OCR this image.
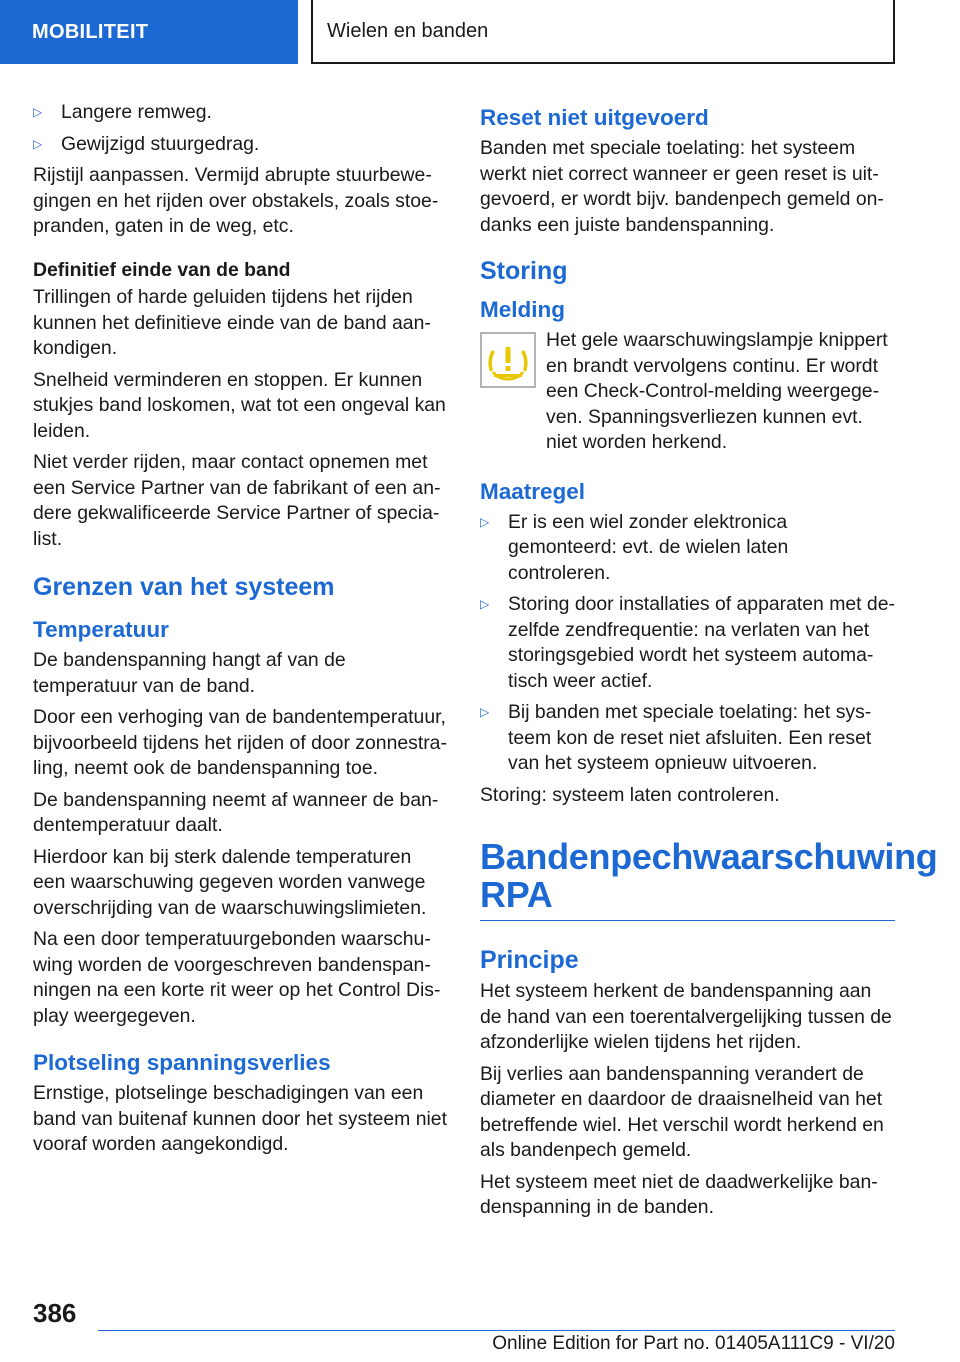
MOBILITEIT	Wielen en banden
▷ Langere remweg.
▷ Gewijzigd stuurgedrag.

Rijstijl aanpassen. Vermijd abrupte stuurbewegingen en het rijden over obstakels, zoals stoepranden, gaten in de weg, etc.

Definitief einde van de band

Trillingen of harde geluiden tijdens het rijden kunnen het definitieve einde van de band aankondigen.

Snelheid verminderen en stoppen. Er kunnen stukjes band loskomen, wat tot een ongeval kan leiden.

Niet verder rijden, maar contact opnemen met een Service Partner van de fabrikant of een andere gekwalificeerde Service Partner of specialist.

Grenzen van het systeem
Temperatuur

De bandenspanning hangt af van de temperatuur van de band.

Door een verhoging van de bandentemperatuur, bijvoorbeeld tijdens het rijden of door zonnestraling, neemt ook de bandenspanning toe.

De bandenspanning neemt af wanneer de bandentemperatuur daalt.

Hierdoor kan bij sterk dalende temperaturen een waarschuwing gegeven worden vanwege overschrijding van de waarschuwingslimieten.

Na een door temperatuurgebonden waarschuwing worden de voorgeschreven bandenspanningen na een korte rit weer op het Control Display weergegeven.

Plotseling spanningsverlies

Ernstige, plotselinge beschadigingen van een band van buitenaf kunnen door het systeem niet vooraf worden aangekondigd.

Reset niet uitgevoerd

Banden met speciale toelating: het systeem werkt niet correct wanneer er geen reset is uitgevoerd, er wordt bijv. bandenpech gemeld ondanks een juiste bandenspanning.

Storing
Melding
Het gele waarschuwingslampje knippert en brandt vervolgens continu. Er wordt een Check-Control-melding weergegeven. Spanningsverliezen kunnen evt. niet worden herkend.
Maatregel
▷ Er is een wiel zonder elektronica gemonteerd: evt. de wielen laten controleren.
▷ Storing door installaties of apparaten met dezelfde zendfrequentie: na verlaten van het storingsgebied wordt het systeem automatisch weer actief.
▷ Bij banden met speciale toelating: het systeem kon de reset niet afsluiten. Een reset van het systeem opnieuw uitvoeren.

Storing: systeem laten controleren.

Bandenpechwaarschuwing RPA
Principe

Het systeem herkent de bandenspanning aan de hand van een toerentalvergelijking tussen de afzonderlijke wielen tijdens het rijden.

Bij verlies aan bandenspanning verandert de diameter en daardoor de draaisnelheid van het betreffende wiel. Het verschil wordt herkend en als bandenpech gemeld.

Het systeem meet niet de daadwerkelijke bandenspanning in de banden.

386
Online Edition for Part no. 01405A111C9 - VI/20
